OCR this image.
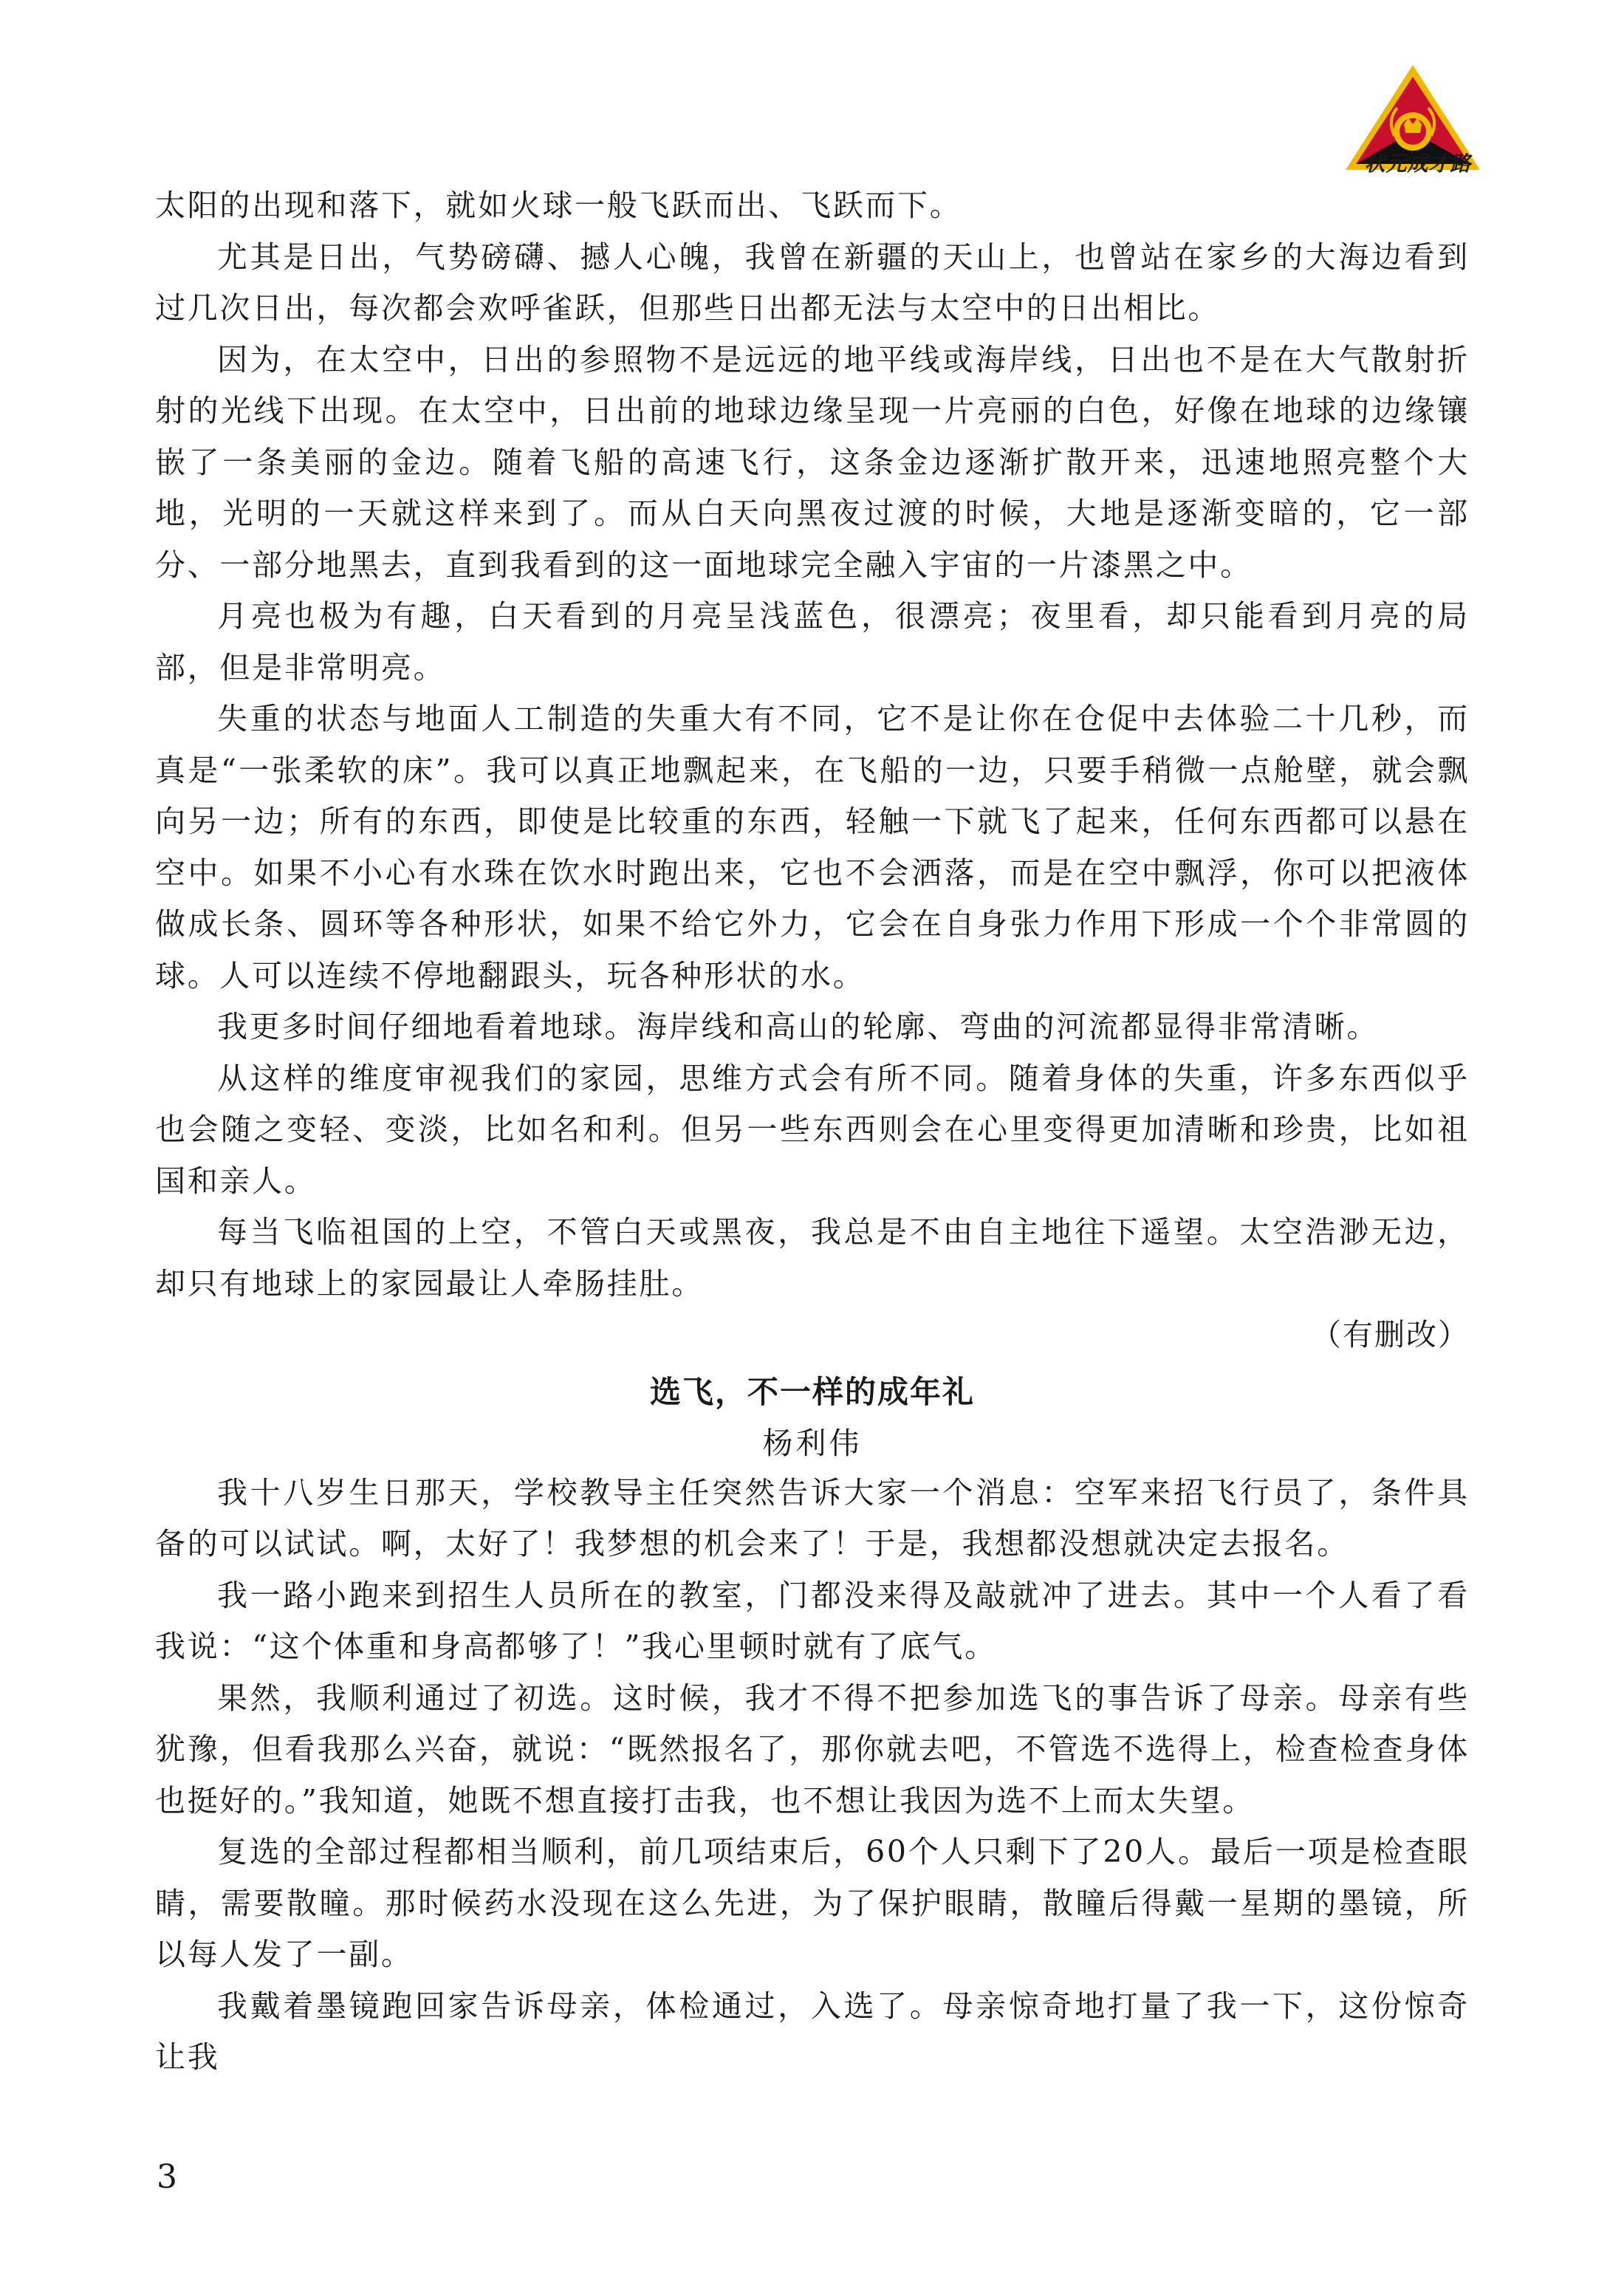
状元成才路

太阳的出现和落下，就如火球一般飞跃而出、飞跃而下。

尤其是日出，气势磅礴、撼人心魄，我曾在新疆的天山上，也曾站在家乡的大海边看到过几次日出，每次都会欢呼雀跃，但那些日出都无法与太空中的日出相比。

因为，在太空中，日出的参照物不是远远的地平线或海岸线，日出也不是在大气散射折射的光线下出现。在太空中，日出前的地球边缘呈现一片亮丽的白色，好像在地球的边缘镶嵌了一条美丽的金边。随着飞船的高速飞行，这条金边逐渐扩散开来，迅速地照亮整个大地，光明的一天就这样来到了。而从白天向黑夜过渡的时候，大地是逐渐变暗的，它一部分、一部分地黑去，直到我看到的这一面地球完全融入宇宙的一片漆黑之中。

月亮也极为有趣，白天看到的月亮呈浅蓝色，很漂亮；夜里看，却只能看到月亮的局部，但是非常明亮。

失重的状态与地面人工制造的失重大有不同，它不是让你在仓促中去体验二十几秒，而真是“一张柔软的床”。我可以真正地飘起来，在飞船的一边，只要手稍微一点舱壁，就会飘向另一边；所有的东西，即使是比较重的东西，轻触一下就飞了起来，任何东西都可以悬在空中。如果不小心有水珠在饮水时跑出来，它也不会洒落，而是在空中飘浮，你可以把液体做成长条、圆环等各种形状，如果不给它外力，它会在自身张力作用下形成一个个非常圆的球。人可以连续不停地翻跟头，玩各种形状的水。

我更多时间仔细地看着地球。海岸线和高山的轮廓、弯曲的河流都显得非常清晰。

从这样的维度审视我们的家园，思维方式会有所不同。随着身体的失重，许多东西似乎也会随之变轻、变淡，比如名和利。但另一些东西则会在心里变得更加清晰和珍贵，比如祖国和亲人。

每当飞临祖国的上空，不管白天或黑夜，我总是不由自主地往下遥望。太空浩渺无边，却只有地球上的家园最让人牵肠挂肚。

（有删改）

选飞，不一样的成年礼

杨利伟

我十八岁生日那天，学校教导主任突然告诉大家一个消息：空军来招飞行员了，条件具备的可以试试。啊，太好了！我梦想的机会来了！于是，我想都没想就决定去报名。

我一路小跑来到招生人员所在的教室，门都没来得及敲就冲了进去。其中一个人看了看我说：“这个体重和身高都够了！”我心里顿时就有了底气。

果然，我顺利通过了初选。这时候，我才不得不把参加选飞的事告诉了母亲。母亲有些犹豫，但看我那么兴奋，就说：“既然报名了，那你就去吧，不管选不选得上，检查检查身体也挺好的。”我知道，她既不想直接打击我，也不想让我因为选不上而太失望。

复选的全部过程都相当顺利，前几项结束后，60个人只剩下了20人。最后一项是检查眼睛，需要散瞳。那时候药水没现在这么先进，为了保护眼睛，散瞳后得戴一星期的墨镜，所以每人发了一副。

我戴着墨镜跑回家告诉母亲，体检通过，入选了。母亲惊奇地打量了我一下，这份惊奇让我

3
